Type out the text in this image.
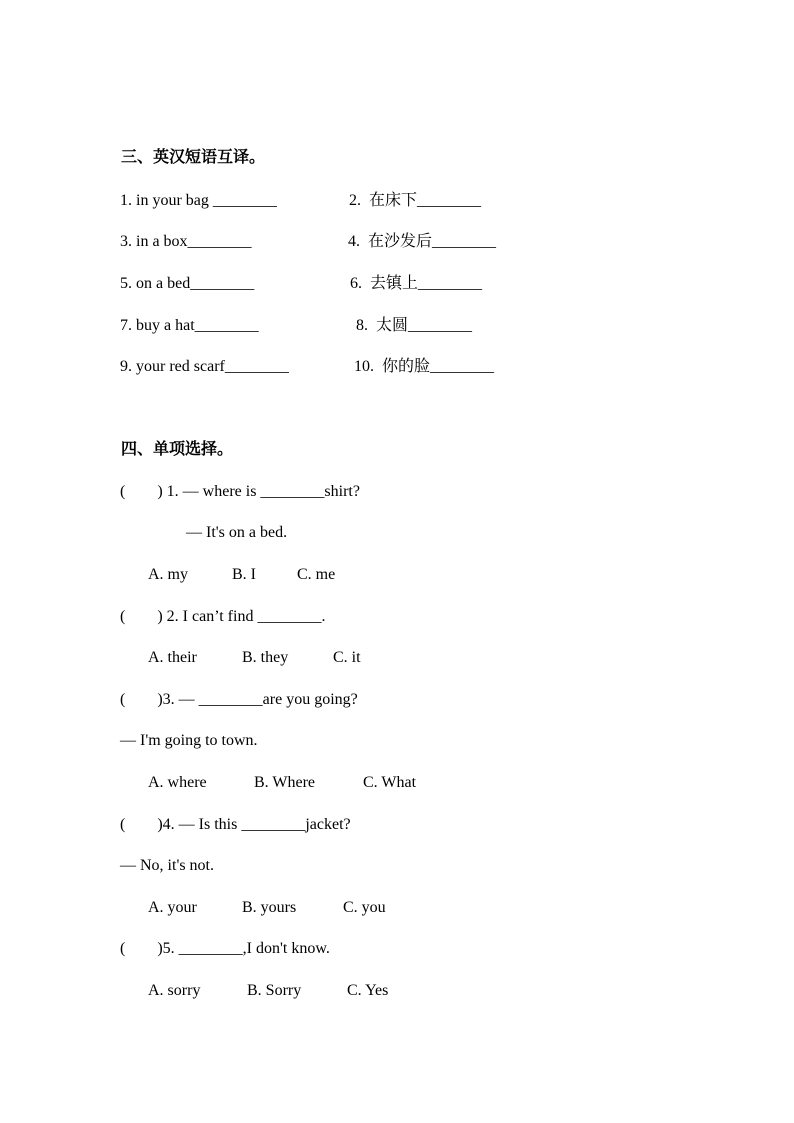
三、英汉短语互译。
1. in your bag ________	2.  在床下________
3. in a box________	4.  在沙发后________
5. on a bed________	6.  去镇上________
7. buy a hat________	8.  太圆________
9. your red scarf________	10.  你的脸________
四、单项选择。
(        ) 1. — where is ________shirt?
— It's on a bed.
A. my	B. I	C. me
(        ) 2. I can’t find ________.
A. their	B. they	C. it
(        )3. — ________are you going?
— I'm going to town.
A. where	B. Where	C. What
(        )4. — Is this ________jacket?
— No, it's not.
A. your	B. yours	C. you
(        )5. ________,I don't know.
A. sorry	B. Sorry	C. Yes
